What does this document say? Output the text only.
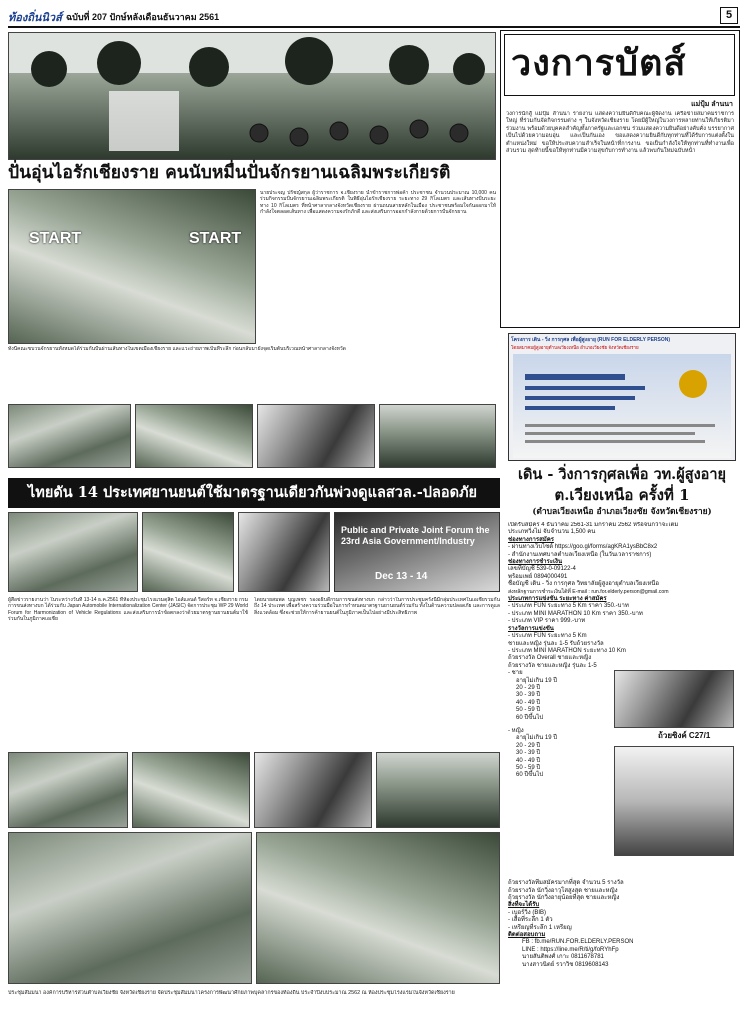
ท้องถิ่นนิวส์ ฉบับที่ 207 ปักษ์หลังเดือนธันวาคม 2561	5
ปั่นอุ่นไอรักเชียงราย คนนับหมื่นปั่นจักรยานเฉลิมพระเกียรติ
START	START
นายประจญ ปรัชญ์สกุล ผู้ว่าราชการ จ.เชียงราย นำข้าราชการพ่อค้า ประชาชน จำนวนประมาณ 10,000 คน ร่วมกิจกรรมปั่นจักรยานเฉลิมพระเกียรติ ในพิธีอุ่นไอรักเชียงราย ระยะทาง 29 กิโลเมตร และเส้นทางปั่นระยะทาง 10 กิโลเมตร ที่หน้าศาลากลางจังหวัดเชียงราย ผ่านถนนสายหลักในเมือง ประชาชนพร้อมใจกันออกมาให้กำลังใจตลอดเส้นทาง เพื่อแสดงความจงรักภักดี และส่งเสริมการออกกำลังกายด้วยการปั่นจักรยาน
ทั้งนี้คณะขบวนจักรยานทั้งหมดได้ร่วมกันปั่นผ่านเส้นทางในเขตเมืองเชียงราย และแวะถ่ายภาพเป็นที่ระลึก ก่อนกลับมายังจุดเริ่มต้นบริเวณหน้าศาลากลางจังหวัด
วงการบัตส์
แม่ปุ้ม ลำนนา
วงการนักสู้ แม่ปุ้ม ลำนนา รายงาน แสดงความยินดีกับคณะผู้จัดงาน เครือข่ายสมาคมราชการใหญ่ ที่ร่วมกันจัดกิจกรรมต่าง ๆ ในจังหวัดเชียงราย โดยมีผู้ใหญ่ในวงการหลายท่านให้เกียรติมาร่วมงาน พร้อมด้วยบุคคลสำคัญทั้งภาครัฐและเอกชน ร่วมแสดงความยินดีอย่างคับคั่ง บรรยากาศเป็นไปด้วยความอบอุ่น และเป็นกันเอง ขอแสดงความยินดีกับทุกท่านที่ได้รับการแต่งตั้งในตำแหน่งใหม่ ขอให้ประสบความสำเร็จในหน้าที่การงาน ขอเป็นกำลังใจให้ทุกท่านที่ทำงานเพื่อส่วนรวม สุดท้ายนี้ขอให้ทุกท่านมีความสุขกับการทำงาน แล้วพบกันใหม่ฉบับหน้า
โครงการ เดิน - วิ่ง การกุศล เพื่อผู้สูงอายุ (RUN FOR ELDERLY PERSON)
โดยสมาคมผู้สูงอายุตำบลเวียงเหนือ อำเภอเวียงชัย จังหวัดเชียงราย
เดิน - วิ่งการกุศลเพื่อ วท.ผู้สูงอายุ
ต.เวียงเหนือ ครั้งที่ 1
(ตำบลเวียงเหนือ อำเภอเวียงชัย จังหวัดเชียงราย)
เปิดรับสมัคร 4 ธันวาคม 2561-31 มกราคม 2562 หรือจนกว่าจะเต็ม
ประเภทวิ่งไม่ จับจำนวน 1,500 คน
ช่องทางการสมัคร
- ผ่านทางเว็บไซต์ https://goo.gl/forms/agKRA1ysBbC8x2
- สำนักงานเทศบาลตำบลเวียงเหนือ (ในวันเวลาราชการ)
ช่องทางการชำระเงิน
เลขที่บัญชี 539-0-09122-4
พร้อมเพย์ 0894000491
ชื่อบัญชี เดิน - วิ่ง การกุศล วิทยาลัยผู้สูงอายุตำบลเวียงเหนือ
ส่งหลักฐานการชำระเงินได้ที่ E-mail : run.for.elderly.person@gmail.com
ประเภทการแข่งขัน ระยะทาง ค่าสมัคร
- ประเภท FUN ระยะทาง 5 Km ราคา 350.-บาท
- ประเภท MINI MARATHON 10 Km ราคา 350.-บาท
- ประเภท VIP ราคา 999.-บาท
รางวัลการแข่งขัน
- ประเภท FUN ระยะทาง 5 Km
ชายและหญิง รุ่นละ 1-5 รับถ้วยรางวัล
- ประเภท MINI MARATHON ระยะทาง 10 Km
ถ้วยรางวัล Overall ชายและหญิง
ถ้วยรางวัล ชายและหญิง รุ่นละ 1-5
- ชาย
อายุไม่เกิน 19 ปี
20 - 29 ปี
30 - 39 ปี
40 - 49 ปี
50 - 59 ปี
60 ปีขึ้นไป
- หญิง
อายุไม่เกิน 19 ปี
20 - 29 ปี
30 - 39 ปี
40 - 49 ปี
50 - 59 ปี
60 ปีขึ้นไป
ถ้วยซิงค์ C27/1
ถ้วยรางวัลทีมสมัครมากที่สุด จำนวน 5 รางวัล
ถ้วยรางวัล นักวิ่งอาวุโสสูงสุด ชายและหญิง
ถ้วยรางวัล นักวิ่งอายุน้อยที่สุด ชายและหญิง
สิ่งที่จะได้รับ
- เบอร์วิ่ง (BIB)
- เสื้อที่ระลึก 1 ตัว
- เหรียญที่ระลึก 1 เหรียญ
ติดต่อสอบถาม
FB : fb.me/RUN.FOR.ELDERLY.PERSON
LINE : https://line.me/R/ti/g/foRYhFp
นายสันติพงศ์ เกาะ 0811678781
นางสาวนิตย์ รวาวิช 0819608143
ไทยดัน 14 ประเทศยานยนต์ใช้มาตรฐานเดียวกันพ่วงดูแลสวล.-ปลอดภัย
Public and Private Joint Forum the 23rd Asia Government/Industry
Dec 13 - 14
ผู้สื่อข่าวรายงานว่า ในระหว่างวันที่ 13-14 ธ.ค.2561 ที่ห้องประชุมโรงแรมดุสิต ไอส์แลนด์ รีสอร์ท จ.เชียงราย กรมการขนส่งทางบก ได้ร่วมกับ Japan Automobile Internationalization Center (JASIC) จัดการประชุม WP 29 World Forum for Harmonization of Vehicle Regulations และส่งเสริมการนำข้อตกลงว่าด้วยมาตรฐานยานยนต์มาใช้ร่วมกันในภูมิภาคเอเชีย
โดยนายสมพล บุญเพชร รองอธิบดีกรมการขนส่งทางบก กล่าวว่าในการประชุมครั้งนี้มีกลุ่มประเทศในเอเชียรวมกันถึง 14 ประเทศ เพื่อสร้างความร่วมมือในการกำหนดมาตรฐานยานยนต์ร่วมกัน ทั้งในด้านความปลอดภัย และการดูแลสิ่งแวดล้อม ซึ่งจะช่วยให้การค้ายานยนต์ในภูมิภาคเป็นไปอย่างมีประสิทธิภาพ
ประชุมสัมมนา องค์การบริหารส่วนตำบลเวียงชัย จังหวัดเชียงราย จัดประชุมสัมมนาโครงการพัฒนาศักยภาพบุคลากรของท้องถิ่น ประจำปีงบประมาณ 2562 ณ ห้องประชุมโรงแรมในจังหวัดเชียงราย
